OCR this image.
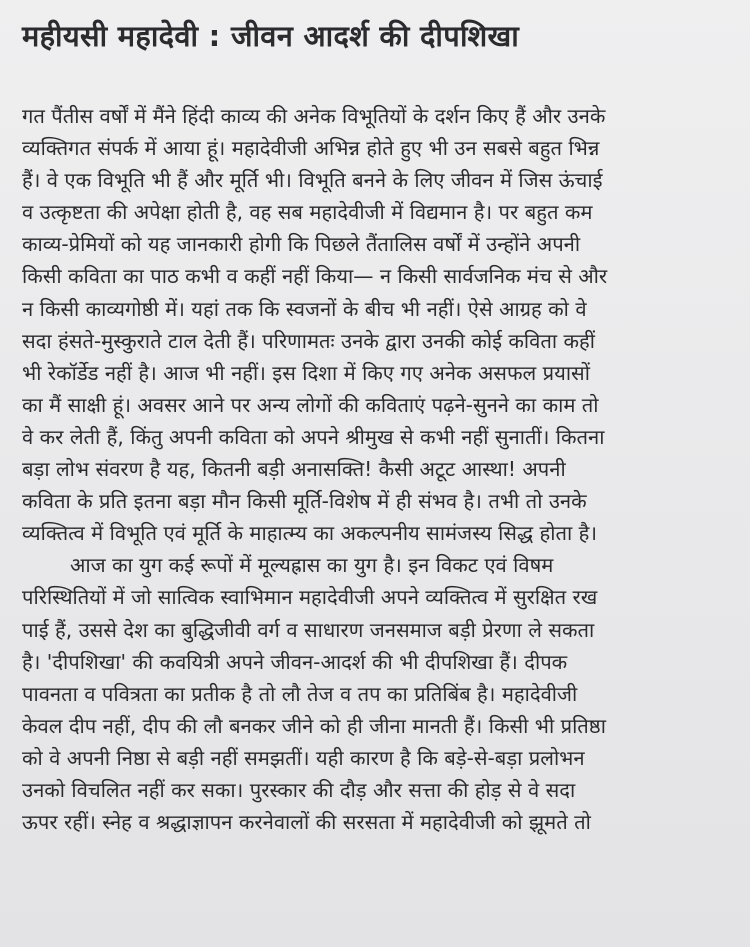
महीयसी महादेवी : जीवन आदर्श की दीपशिखा
गत पैंतीस वर्षों में मैंने हिंदी काव्य की अनेक विभूतियों के दर्शन किए हैं और उनके
व्यक्तिगत संपर्क में आया हूं। महादेवीजी अभिन्न होते हुए भी उन सबसे बहुत भिन्न
हैं। वे एक विभूति भी हैं और मूर्ति भी। विभूति बनने के लिए जीवन में जिस ऊंचाई
व उत्कृष्टता की अपेक्षा होती है, वह सब महादेवीजी में विद्यमान है। पर बहुत कम
काव्य-प्रेमियों को यह जानकारी होगी कि पिछले तैंतालिस वर्षों में उन्होंने अपनी
किसी कविता का पाठ कभी व कहीं नहीं किया— न किसी सार्वजनिक मंच से और
न किसी काव्यगोष्ठी में। यहां तक कि स्वजनों के बीच भी नहीं। ऐसे आग्रह को वे
सदा हंसते-मुस्कुराते टाल देती हैं। परिणामतः उनके द्वारा उनकी कोई कविता कहीं
भी रेकॉर्डेड नहीं है। आज भी नहीं। इस दिशा में किए गए अनेक असफल प्रयासों
का मैं साक्षी हूं। अवसर आने पर अन्य लोगों की कविताएं पढ़ने-सुनने का काम तो
वे कर लेती हैं, किंतु अपनी कविता को अपने श्रीमुख से कभी नहीं सुनातीं। कितना
बड़ा लोभ संवरण है यह, कितनी बड़ी अनासक्ति! कैसी अटूट आस्था! अपनी
कविता के प्रति इतना बड़ा मौन किसी मूर्ति-विशेष में ही संभव है। तभी तो उनके
व्यक्तित्व में विभूति एवं मूर्ति के माहात्म्य का अकल्पनीय सामंजस्य सिद्ध होता है।
आज का युग कई रूपों में मूल्यह्रास का युग है। इन विकट एवं विषम
परिस्थितियों में जो सात्विक स्वाभिमान महादेवीजी अपने व्यक्तित्व में सुरक्षित रख
पाई हैं, उससे देश का बुद्धिजीवी वर्ग व साधारण जनसमाज बड़ी प्रेरणा ले सकता
है। 'दीपशिखा' की कवयित्री अपने जीवन-आदर्श की भी दीपशिखा हैं। दीपक
पावनता व पवित्रता का प्रतीक है तो लौ तेज व तप का प्रतिबिंब है। महादेवीजी
केवल दीप नहीं, दीप की लौ बनकर जीने को ही जीना मानती हैं। किसी भी प्रतिष्ठा
को वे अपनी निष्ठा से बड़ी नहीं समझतीं। यही कारण है कि बड़े-से-बड़ा प्रलोभन
उनको विचलित नहीं कर सका। पुरस्कार की दौड़ और सत्ता की होड़ से वे सदा
ऊपर रहीं। स्नेह व श्रद्धाज्ञापन करनेवालों की सरसता में महादेवीजी को झूमते तो
